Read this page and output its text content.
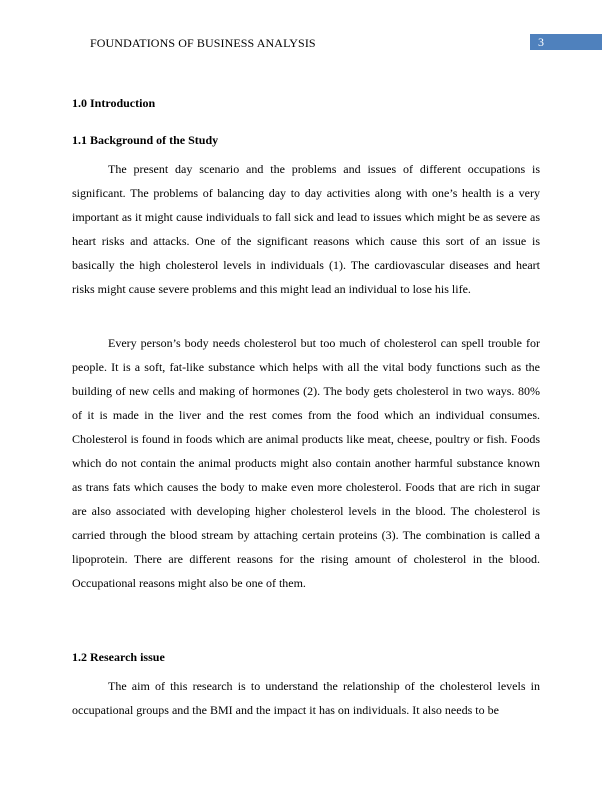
FOUNDATIONS OF BUSINESS ANALYSIS	3
1.0 Introduction
1.1 Background of the Study

The present day scenario and the problems and issues of different occupations is significant. The problems of balancing day to day activities along with one’s health is a very important as it might cause individuals to fall sick and lead to issues which might be as severe as heart risks and attacks. One of the significant reasons which cause this sort of an issue is basically the high cholesterol levels in individuals (1). The cardiovascular diseases and heart risks might cause severe problems and this might lead an individual to lose his life.

Every person’s body needs cholesterol but too much of cholesterol can spell trouble for people. It is a soft, fat-like substance which helps with all the vital body functions such as the building of new cells and making of hormones (2). The body gets cholesterol in two ways. 80% of it is made in the liver and the rest comes from the food which an individual consumes. Cholesterol is found in foods which are animal products like meat, cheese, poultry or fish. Foods which do not contain the animal products might also contain another harmful substance known as trans fats which causes the body to make even more cholesterol. Foods that are rich in sugar are also associated with developing higher cholesterol levels in the blood. The cholesterol is carried through the blood stream by attaching certain proteins (3). The combination is called a lipoprotein. There are different reasons for the rising amount of cholesterol in the blood. Occupational reasons might also be one of them.

1.2 Research issue

The aim of this research is to understand the relationship of the cholesterol levels in occupational groups and the BMI and the impact it has on individuals. It also needs to be
